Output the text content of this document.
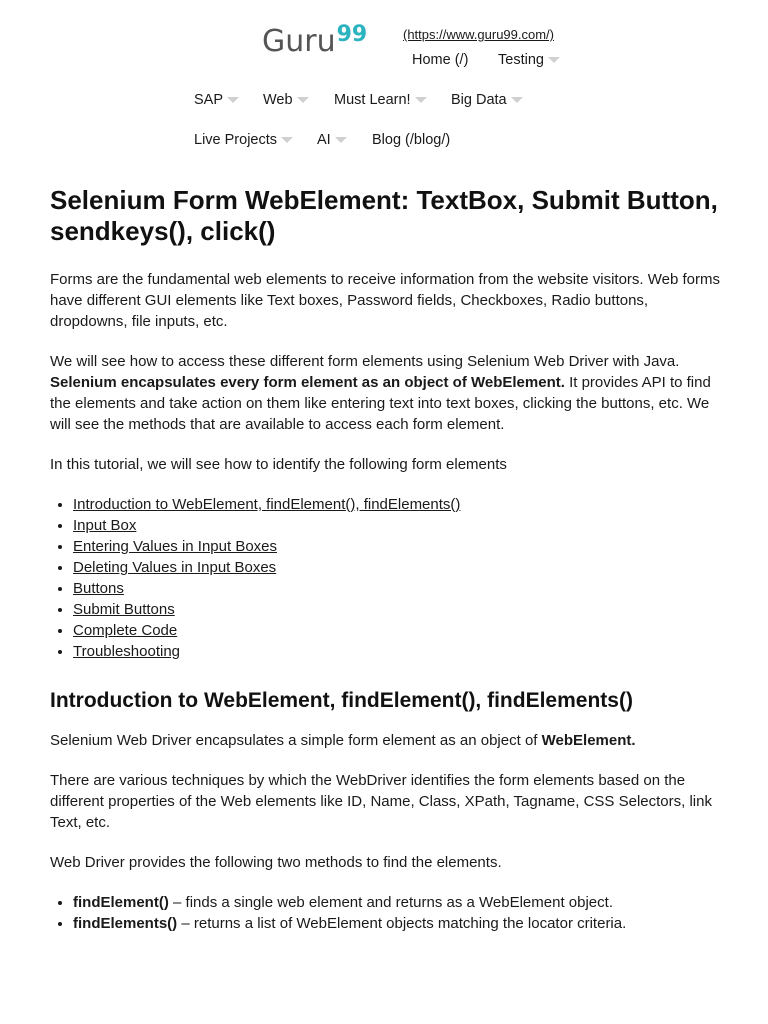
Guru$^{99}$	(https://www.guru99.com/)
Home (/) Testing
SAP	Web	Must Learn!	Big Data
Live Projects	AI	Blog (/blog/)
Selenium Form WebElement: TextBox, Submit Button, sendkeys(), click()

Forms are the fundamental web elements to receive information from the website visitors. Web forms have different GUI elements like Text boxes, Password fields, Checkboxes, Radio buttons, dropdowns, file inputs, etc.

We will see how to access these different form elements using Selenium Web Driver with Java. Selenium encapsulates every form element as an object of WebElement. It provides API to find the elements and take action on them like entering text into text boxes, clicking the buttons, etc. We will see the methods that are available to access each form element.

In this tutorial, we will see how to identify the following form elements

• Introduction to WebElement, findElement(), findElements()
• Input Box
• Entering Values in Input Boxes
• Deleting Values in Input Boxes
• Buttons
• Submit Buttons
• Complete Code
• Troubleshooting
Introduction to WebElement, findElement(), findElements()

Selenium Web Driver encapsulates a simple form element as an object of WebElement.

There are various techniques by which the WebDriver identifies the form elements based on the different properties of the Web elements like ID, Name, Class, XPath, Tagname, CSS Selectors, link Text, etc.

Web Driver provides the following two methods to find the elements.

• findElement() – finds a single web element and returns as a WebElement object.
• findElements() – returns a list of WebElement objects matching the locator criteria.
